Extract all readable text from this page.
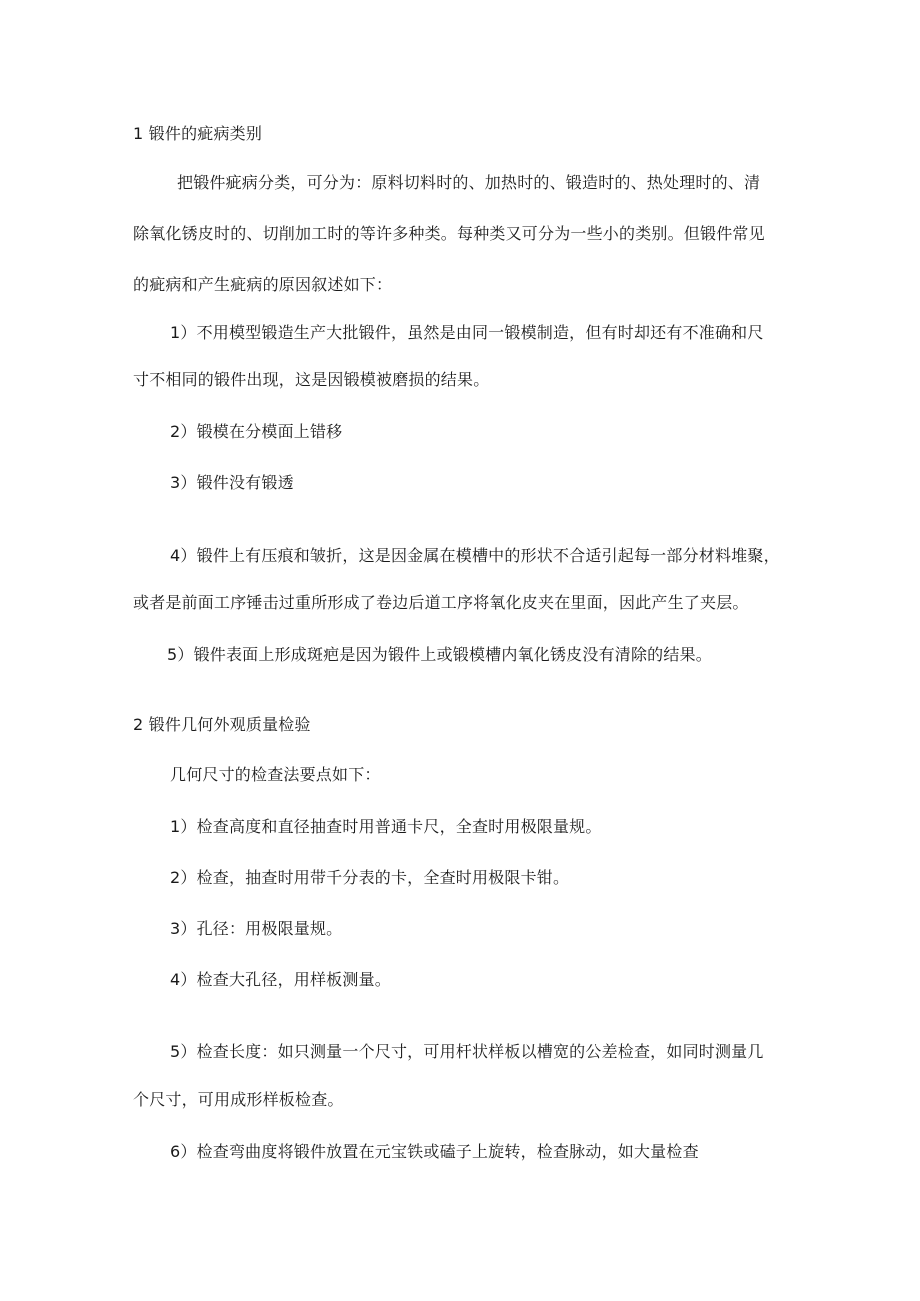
1 锻件的疵病类别
把锻件疵病分类，可分为：原料切料时的、加热时的、锻造时的、热处理时的、清
除氧化锈皮时的、切削加工时的等许多种类。每种类又可分为一些小的类别。但锻件常见
的疵病和产生疵病的原因叙述如下：
1）不用模型锻造生产大批锻件，虽然是由同一锻模制造，但有时却还有不准确和尺
寸不相同的锻件出现，这是因锻模被磨损的结果。
2）锻模在分模面上错移
3）锻件没有锻透
4）锻件上有压痕和皱折，这是因金属在模槽中的形状不合适引起每一部分材料堆聚，
或者是前面工序锤击过重所形成了卷边后道工序将氧化皮夹在里面，因此产生了夹层。
5）锻件表面上形成斑疤是因为锻件上或锻模槽内氧化锈皮没有清除的结果。
2 锻件几何外观质量检验
几何尺寸的检查法要点如下：
1）检查高度和直径抽查时用普通卡尺，全查时用极限量规。
2）检查，抽查时用带千分表的卡，全查时用极限卡钳。
3）孔径：用极限量规。
4）检查大孔径，用样板测量。
5）检查长度：如只测量一个尺寸，可用杆状样板以槽宽的公差检查，如同时测量几
个尺寸，可用成形样板检查。
6）检查弯曲度将锻件放置在元宝铁或磕子上旋转，检查脉动，如大量检查
